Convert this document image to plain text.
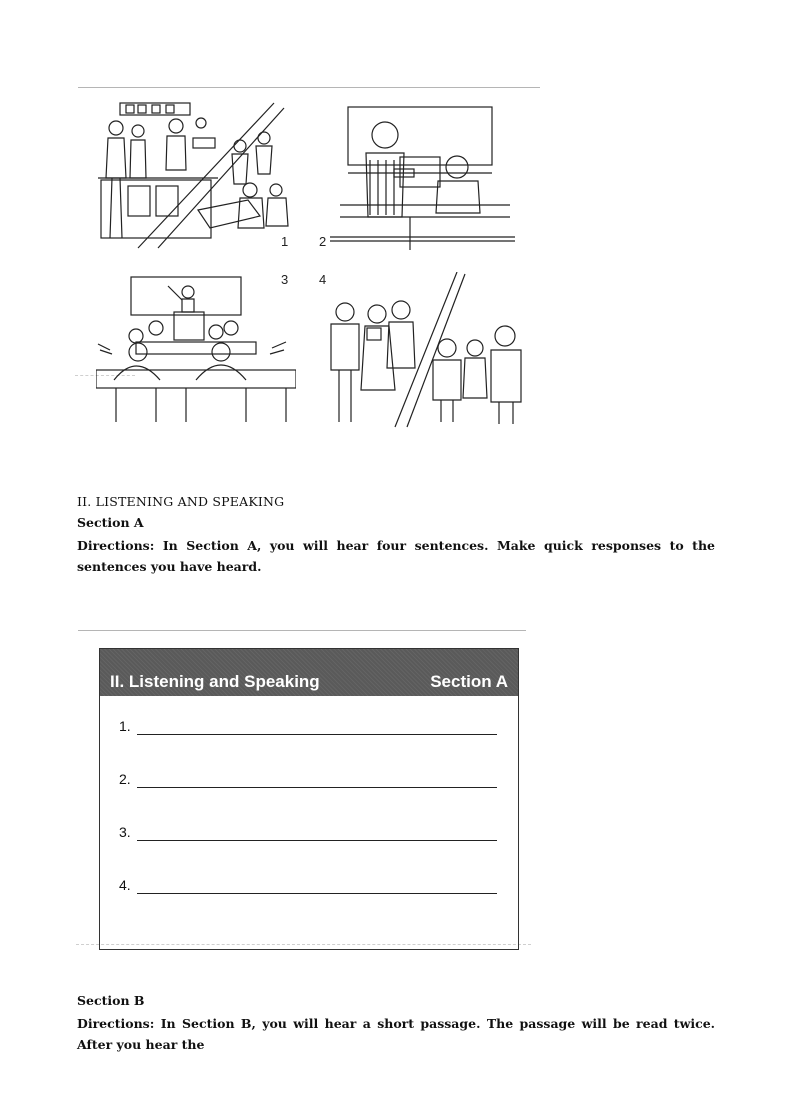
1 2
3 4
II. LISTENING AND SPEAKING
Section A
Directions: In Section A, you will hear four sentences. Make quick responses to the sentences you have heard.
II. Listening and Speaking	Section A
1.
2.
3.
4.
Section B
Directions: In Section B, you will hear a short passage. The passage will be read twice. After you hear the
